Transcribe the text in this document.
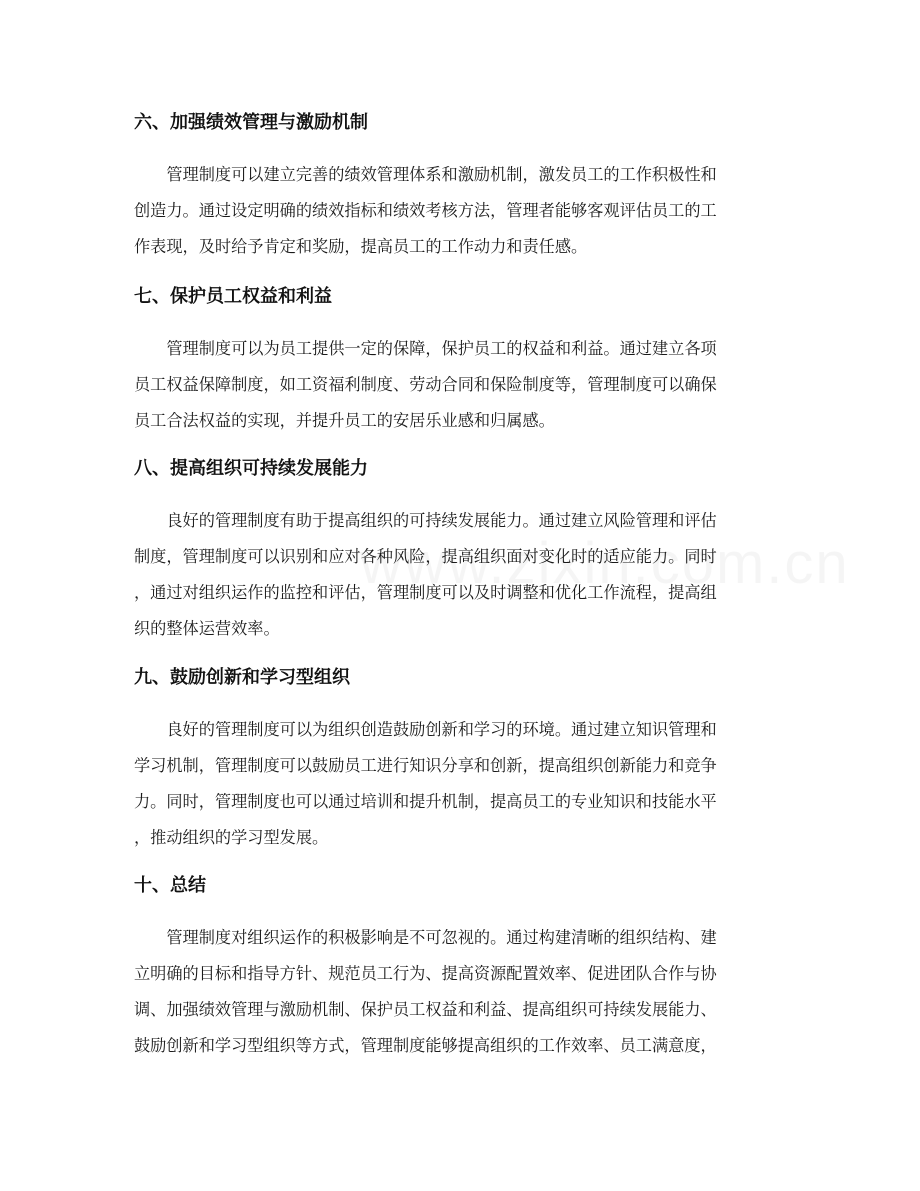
六、加强绩效管理与激励机制

　　管理制度可以建立完善的绩效管理体系和激励机制，激发员工的工作积极性和

创造力。通过设定明确的绩效指标和绩效考核方法，管理者能够客观评估员工的工

作表现，及时给予肯定和奖励，提高员工的工作动力和责任感。

七、保护员工权益和利益

　　管理制度可以为员工提供一定的保障，保护员工的权益和利益。通过建立各项

员工权益保障制度，如工资福利制度、劳动合同和保险制度等，管理制度可以确保

员工合法权益的实现，并提升员工的安居乐业感和归属感。

八、提高组织可持续发展能力

　　良好的管理制度有助于提高组织的可持续发展能力。通过建立风险管理和评估

制度，管理制度可以识别和应对各种风险，提高组织面对变化时的适应能力。同时

，通过对组织运作的监控和评估，管理制度可以及时调整和优化工作流程，提高组

织的整体运营效率。

九、鼓励创新和学习型组织

　　良好的管理制度可以为组织创造鼓励创新和学习的环境。通过建立知识管理和

学习机制，管理制度可以鼓励员工进行知识分享和创新，提高组织创新能力和竞争

力。同时，管理制度也可以通过培训和提升机制，提高员工的专业知识和技能水平

，推动组织的学习型发展。

十、总结

　　管理制度对组织运作的积极影响是不可忽视的。通过构建清晰的组织结构、建

立明确的目标和指导方针、规范员工行为、提高资源配置效率、促进团队合作与协

调、加强绩效管理与激励机制、保护员工权益和利益、提高组织可持续发展能力、

鼓励创新和学习型组织等方式，管理制度能够提高组织的工作效率、员工满意度，
